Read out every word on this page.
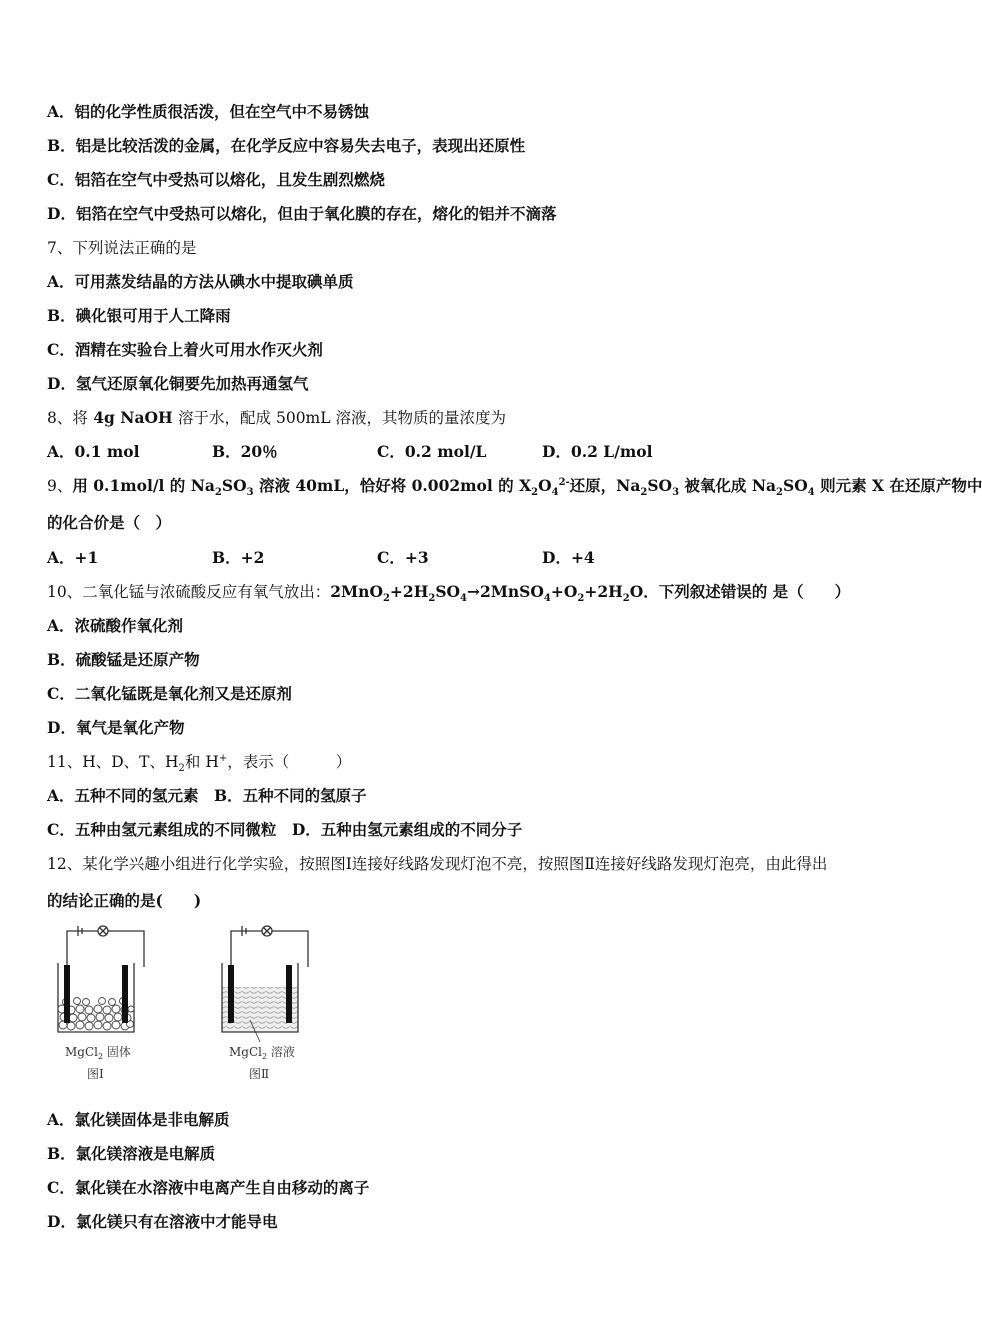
A．铝的化学性质很活泼，但在空气中不易锈蚀
B．铝是比较活泼的金属，在化学反应中容易失去电子，表现出还原性
C．铝箔在空气中受热可以熔化，且发生剧烈燃烧
D．铝箔在空气中受热可以熔化，但由于氧化膜的存在，熔化的铝并不滴落
7、下列说法正确的是
A．可用蒸发结晶的方法从碘水中提取碘单质
B．碘化银可用于人工降雨
C．酒精在实验台上着火可用水作灭火剂
D．氢气还原氧化铜要先加热再通氢气
8、将 4g NaOH 溶于水，配成 500mL 溶液，其物质的量浓度为
A．0.1 mol	B．20％	C．0.2 mol/L	D．0.2 L/mol
9、用 0.1mol/l 的 $Na_2SO_3$ 溶液 40mL，恰好将 0.002mol 的 $X_2O_4^{2-}$还原，$Na_2SO_3$ 被氧化成 $Na_2SO_4$ 则元素 X 在还原产物中
的化合价是（　）
A．+1	B．+2	C．+3	D．+4
10、二氧化锰与浓硫酸反应有氧气放出：$2MnO_2+2H_2SO_4\to 2MnSO_4+O_2+2H_2O$．下列叙述错误的 是（　　）
A．浓硫酸作氧化剂
B．硫酸锰是还原产物
C．二氧化锰既是氧化剂又是还原剂
D．氧气是氧化产物
11、H、D、T、$H_2$和 H+，表示（　　　）
A．五种不同的氢元素　B．五种不同的氢原子
C．五种由氢元素组成的不同微粒　D．五种由氢元素组成的不同分子
12、某化学兴趣小组进行化学实验，按照图Ⅰ连接好线路发现灯泡不亮，按照图Ⅱ连接好线路发现灯泡亮，由此得出
的结论正确的是(　　)
MgCl$_2$ 固体
图Ⅰ
MgCl$_2$ 溶液
图Ⅱ
A．氯化镁固体是非电解质
B．氯化镁溶液是电解质
C．氯化镁在水溶液中电离产生自由移动的离子
D．氯化镁只有在溶液中才能导电
